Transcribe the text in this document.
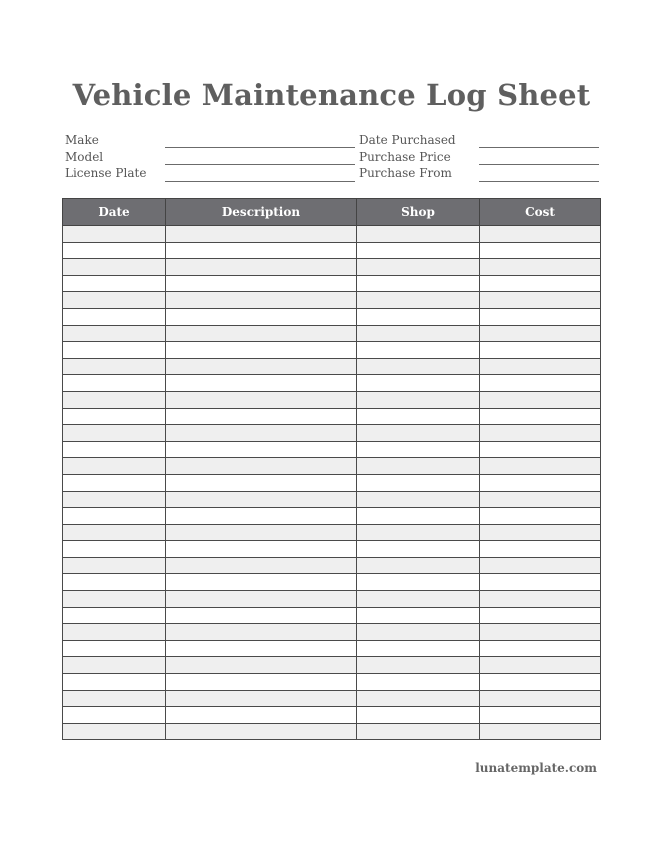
Vehicle Maintenance Log Sheet
Make
Model
License Plate
Date Purchased
Purchase Price
Purchase From
Date	Description	Shop	Cost

lunatemplate.com
